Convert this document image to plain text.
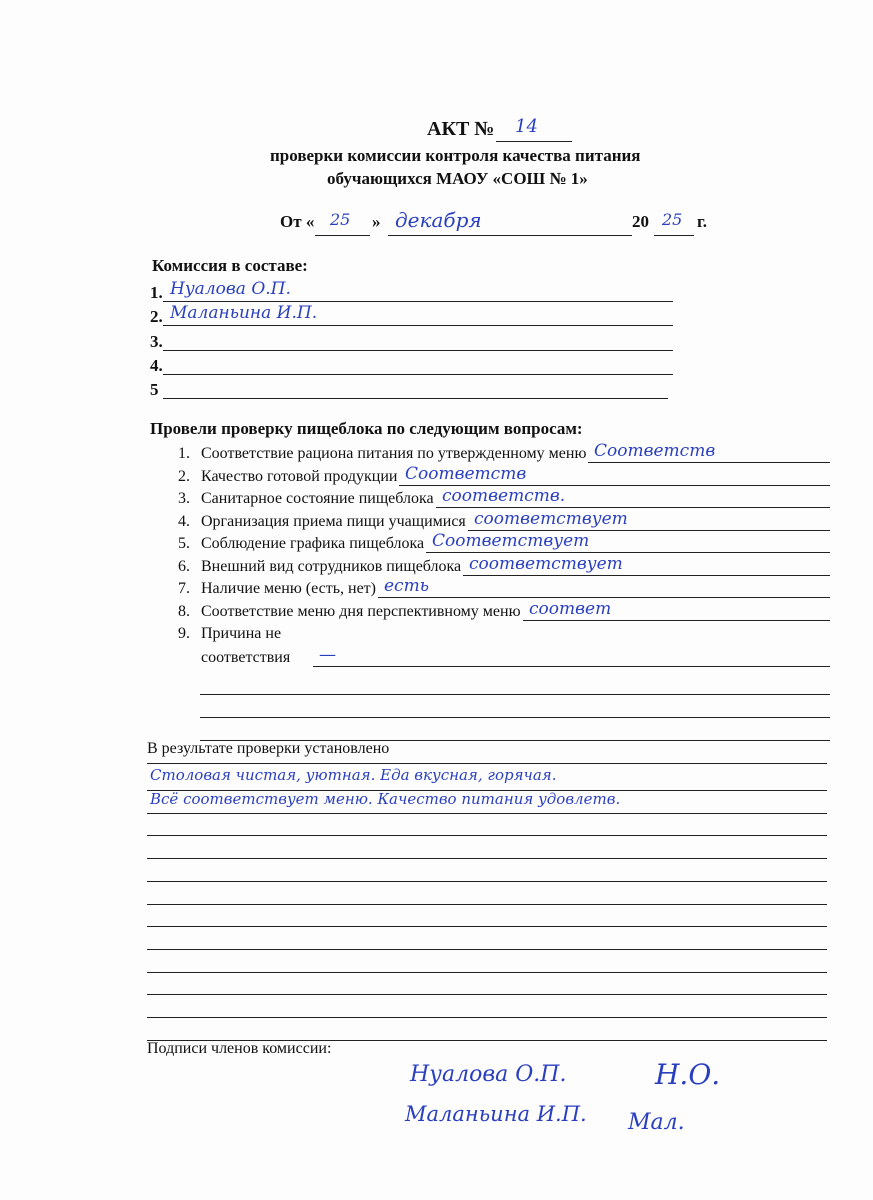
АКТ № 14
проверки комиссии контроля качества питания
обучающихся МАОУ «СОШ № 1»
От « 25 » декабря	20 25 г.
Комиссия в составе:
1. Нуалова О.П.
2. Маланьина И.П.
3.
4.
5
Провели проверку пищеблока по следующим вопросам:
1. Соответствие рациона питания по утвержденному меню Соответств
2. Качество готовой продукции Соответств
3. Санитарное состояние пищеблока соответств.
4. Организация приема пищи учащимися соответствует
5. Соблюдение графика пищеблока Соответствует
6. Внешний вид сотрудников пищеблока соответствует
7. Наличие меню (есть, нет) есть
8. Соответствие меню дня перспективному меню соответ
9. Причина не
соответствия —
В результате проверки установлено
Столовая чистая, уютная. Еда вкусная, горячая.
Всё соответствует меню. Качество питания удовлетв.
Подписи членов комиссии:
Нуалова О.П.
Маланьина И.П.
Н.О.
Мал.
